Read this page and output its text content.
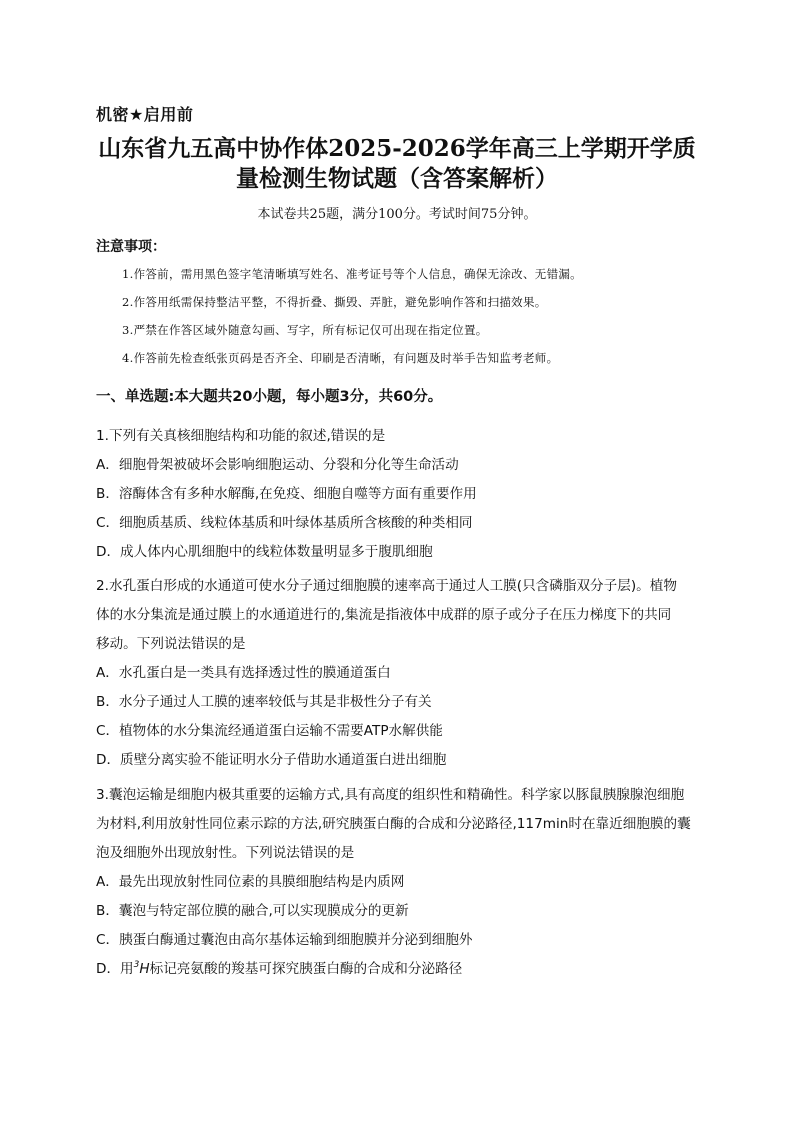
机密★启用前
山东省九五高中协作体2025-2026学年高三上学期开学质
量检测生物试题（含答案解析）
本试卷共25题，满分100分。考试时间75分钟。
注意事项：
1.作答前，需用黑色签字笔清晰填写姓名、准考证号等个人信息，确保无涂改、无错漏。
2.作答用纸需保持整洁平整，不得折叠、撕毁、弄脏，避免影响作答和扫描效果。
3.严禁在作答区域外随意勾画、写字，所有标记仅可出现在指定位置。
4.作答前先检查纸张页码是否齐全、印刷是否清晰，有问题及时举手告知监考老师。
一、单选题:本大题共20小题，每小题3分，共60分。
1.下列有关真核细胞结构和功能的叙述,错误的是
A．细胞骨架被破坏会影响细胞运动、分裂和分化等生命活动
B．溶酶体含有多种水解酶,在免疫、细胞自噬等方面有重要作用
C．细胞质基质、线粒体基质和叶绿体基质所含核酸的种类相同
D．成人体内心肌细胞中的线粒体数量明显多于腹肌细胞
2.水孔蛋白形成的水通道可使水分子通过细胞膜的速率高于通过人工膜(只含磷脂双分子层)。植物
体的水分集流是通过膜上的水通道进行的,集流是指液体中成群的原子或分子在压力梯度下的共同
移动。下列说法错误的是
A．水孔蛋白是一类具有选择透过性的膜通道蛋白
B．水分子通过人工膜的速率较低与其是非极性分子有关
C．植物体的水分集流经通道蛋白运输不需要ATP水解供能
D．质壁分离实验不能证明水分子借助水通道蛋白进出细胞
3.囊泡运输是细胞内极其重要的运输方式,具有高度的组织性和精确性。科学家以豚鼠胰腺腺泡细胞
为材料,利用放射性同位素示踪的方法,研究胰蛋白酶的合成和分泌路径,117min时在靠近细胞膜的囊
泡及细胞外出现放射性。下列说法错误的是
A．最先出现放射性同位素的具膜细胞结构是内质网
B．囊泡与特定部位膜的融合,可以实现膜成分的更新
C．胰蛋白酶通过囊泡由高尔基体运输到细胞膜并分泌到细胞外
D．用$^3$H标记亮氨酸的羧基可探究胰蛋白酶的合成和分泌路径
